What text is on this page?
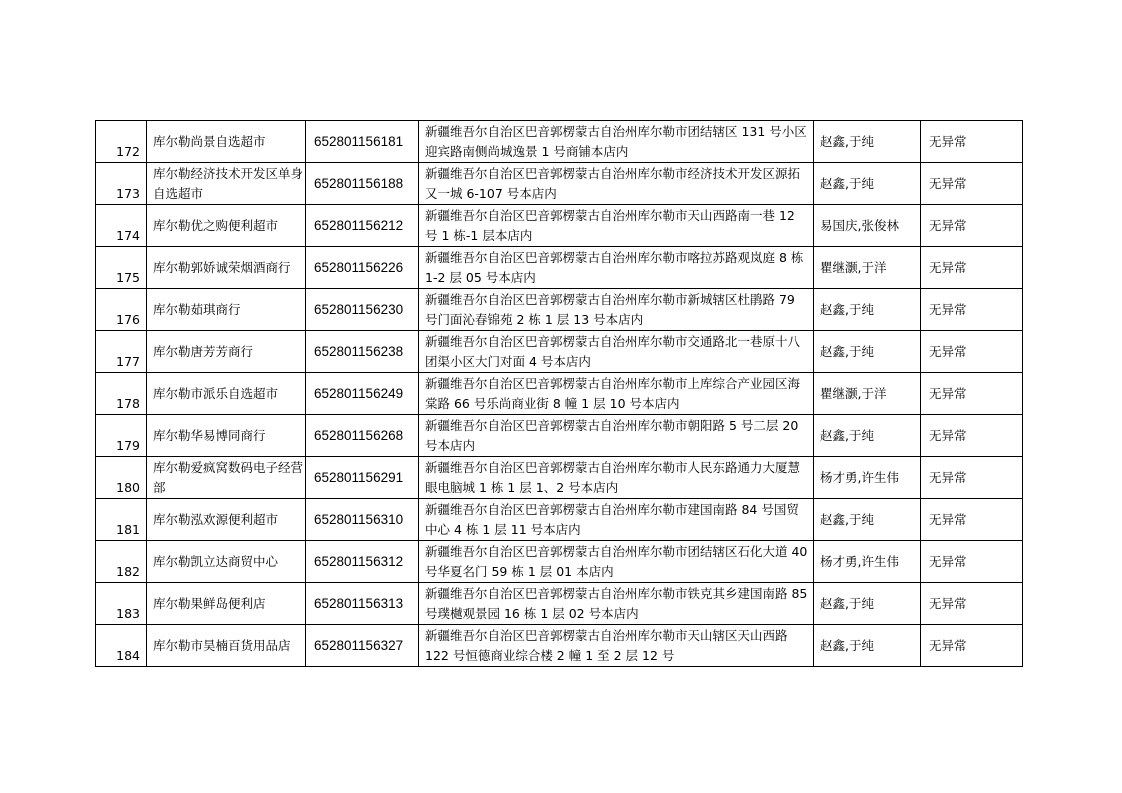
172	库尔勒尚景自选超市	652801156181	新疆维吾尔自治区巴音郭楞蒙古自治州库尔勒市团结辖区 131 号小区迎宾路南侧尚城逸景 1 号商铺本店内	赵鑫,于纯	无异常

173	库尔勒经济技术开发区单身自选超市	652801156188	新疆维吾尔自治区巴音郭楞蒙古自治州库尔勒市经济技术开发区源拓又一城 6-107 号本店内	赵鑫,于纯	无异常

174	库尔勒优之购便利超市	652801156212	新疆维吾尔自治区巴音郭楞蒙古自治州库尔勒市天山西路南一巷 12 号 1 栋-1 层本店内	易国庆,张俊林	无异常

175	库尔勒郭娇诚荣烟酒商行	652801156226	新疆维吾尔自治区巴音郭楞蒙古自治州库尔勒市喀拉苏路观岚庭 8 栋 1-2 层 05 号本店内	瞿继灏,于洋	无异常

176	库尔勒茹琪商行	652801156230	新疆维吾尔自治区巴音郭楞蒙古自治州库尔勒市新城辖区杜鹃路 79 号门面沁春锦苑 2 栋 1 层 13 号本店内	赵鑫,于纯	无异常

177	库尔勒唐芳芳商行	652801156238	新疆维吾尔自治区巴音郭楞蒙古自治州库尔勒市交通路北一巷原十八团渠小区大门对面 4 号本店内	赵鑫,于纯	无异常

178	库尔勒市派乐自选超市	652801156249	新疆维吾尔自治区巴音郭楞蒙古自治州库尔勒市上库综合产业园区海棠路 66 号乐尚商业街 8 幢 1 层 10 号本店内	瞿继灏,于洋	无异常

179	库尔勒华易博同商行	652801156268	新疆维吾尔自治区巴音郭楞蒙古自治州库尔勒市朝阳路 5 号二层 20 号本店内	赵鑫,于纯	无异常

180	库尔勒爱疯窝数码电子经营部	652801156291	新疆维吾尔自治区巴音郭楞蒙古自治州库尔勒市人民东路通力大厦慧眼电脑城 1 栋 1 层 1、2 号本店内	杨才勇,许生伟	无异常

181	库尔勒泓欢源便利超市	652801156310	新疆维吾尔自治区巴音郭楞蒙古自治州库尔勒市建国南路 84 号国贸中心 4 栋 1 层 11 号本店内	赵鑫,于纯	无异常

182	库尔勒凯立达商贸中心	652801156312	新疆维吾尔自治区巴音郭楞蒙古自治州库尔勒市团结辖区石化大道 40 号华夏名门 59 栋 1 层 01 本店内	杨才勇,许生伟	无异常

183	库尔勒果鲜岛便利店	652801156313	新疆维吾尔自治区巴音郭楞蒙古自治州库尔勒市铁克其乡建国南路 85 号璞樾观景园 16 栋 1 层 02 号本店内	赵鑫,于纯	无异常

184	库尔勒市昊楠百货用品店	652801156327	新疆维吾尔自治区巴音郭楞蒙古自治州库尔勒市天山辖区天山西路 122 号恒德商业综合楼 2 幢 1 至 2 层 12 号	赵鑫,于纯	无异常
